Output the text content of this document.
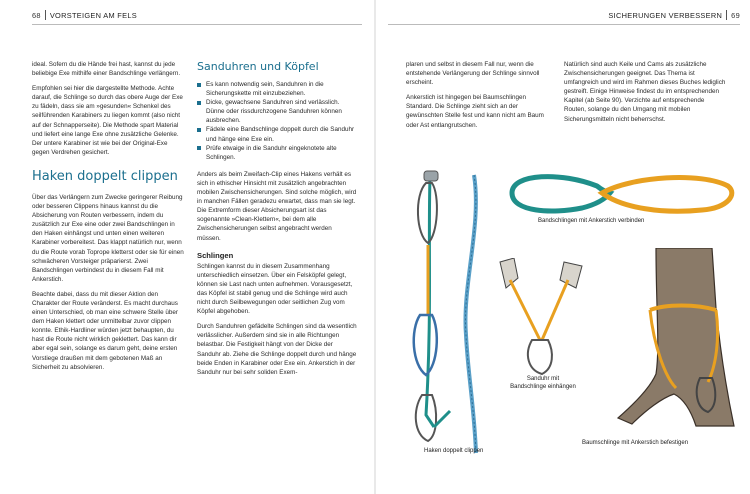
68 VORSTEIGEN AM FELS

ideal. Sofern du die Hände frei hast, kannst du jede beliebige Exe mithilfe einer Bandschlinge verlängern.

Empfohlen sei hier die dargestellte Methode. Achte darauf, die Schlinge so durch das obere Auge der Exe zu fädeln, dass sie am »gesunden« Schenkel des seilführenden Karabiners zu liegen kommt (also nicht auf der Schnapperseite). Die Methode spart Material und liefert eine lange Exe ohne zusätzliche Gelenke. Der untere Karabiner ist wie bei der Original-Exe gegen Verdrehen gesichert.

Haken doppelt clippen

Über das Verlängern zum Zwecke geringerer Reibung oder besseren Clippens hinaus kannst du die Absicherung von Routen verbessern, indem du zusätzlich zur Exe eine oder zwei Bandschlingen in den Haken einhängst und unten einen weiteren Karabiner vorbereitest. Das klappt natürlich nur, wenn du die Route vorab Toprope kletterst oder sie für einen schwächeren Vorsteiger präparierst. Zwei Bandschlingen verbindest du in diesem Fall mit Ankerstich.

Beachte dabei, dass du mit dieser Aktion den Charakter der Route veränderst. Es macht durchaus einen Unterschied, ob man eine schwere Stelle über dem Haken klettert oder unmittelbar zuvor clippen konnte. Ethik-Hardliner würden jetzt behaupten, du hast die Route nicht wirklich geklettert. Das kann dir aber egal sein, solange es darum geht, deine ersten Vorstiege draußen mit dem gebotenen Maß an Sicherheit zu absolvieren.

Sanduhren und Köpfel
Es kann notwendig sein, Sanduhren in die Sicherungskette mit einzubeziehen.
Dicke, gewachsene Sanduhren sind verlässlich. Dünne oder rissdurchzogene Sanduhren können ausbrechen.
Fädele eine Bandschlinge doppelt durch die Sanduhr und hänge eine Exe ein.
Prüfe etwaige in die Sanduhr eingeknotete alte Schlingen.

Anders als beim Zweifach-Clip eines Hakens verhält es sich in ethischer Hinsicht mit zusätzlich angebrachten mobilen Zwischensicherungen. Sind solche möglich, wird in manchen Fällen geradezu erwartet, dass man sie legt. Die Extremform dieser Absicherungsart ist das sogenannte »Clean-Klettern«, bei dem alle Zwischensicherungen selbst angebracht werden müssen.

Schlingen

Schlingen kannst du in diesem Zusammenhang unterschiedlich einsetzen. Über ein Felsköpfel gelegt, können sie Last nach unten aufnehmen. Vorausgesetzt, das Köpfel ist stabil genug und die Schlinge wird auch nicht durch Seilbewegungen oder seitlichen Zug vom Köpfel abgehoben.

Durch Sanduhren gefädelte Schlingen sind da wesentlich verlässlicher. Außerdem sind sie in alle Richtungen belastbar. Die Festigkeit hängt von der Dicke der Sanduhr ab. Ziehe die Schlinge doppelt durch und hänge beide Enden in Karabiner oder Exe ein. Ankerstich in der Sanduhr nur bei sehr soliden Exem-

SICHERUNGEN VERBESSERN 69

plaren und selbst in diesem Fall nur, wenn die entstehende Verlängerung der Schlinge sinnvoll erscheint.

Ankerstich ist hingegen bei Baumschlingen Standard. Die Schlinge zieht sich an der gewünschten Stelle fest und kann nicht am Baum oder Ast entlangrutschen.

Natürlich sind auch Keile und Cams als zusätzliche Zwischensicherungen geeignet. Das Thema ist umfangreich und wird im Rahmen dieses Buches lediglich gestreift. Einige Hinweise findest du im entsprechenden Kapitel (ab Seite 90). Verzichte auf entsprechende Routen, solange du den Umgang mit mobilen Sicherungsmitteln nicht beherrschst.

Haken doppelt clippen
Bandschlingen mit Ankerstich verbinden
Sanduhr mit Bandschlinge einhängen
Baumschlinge mit Ankerstich befestigen
